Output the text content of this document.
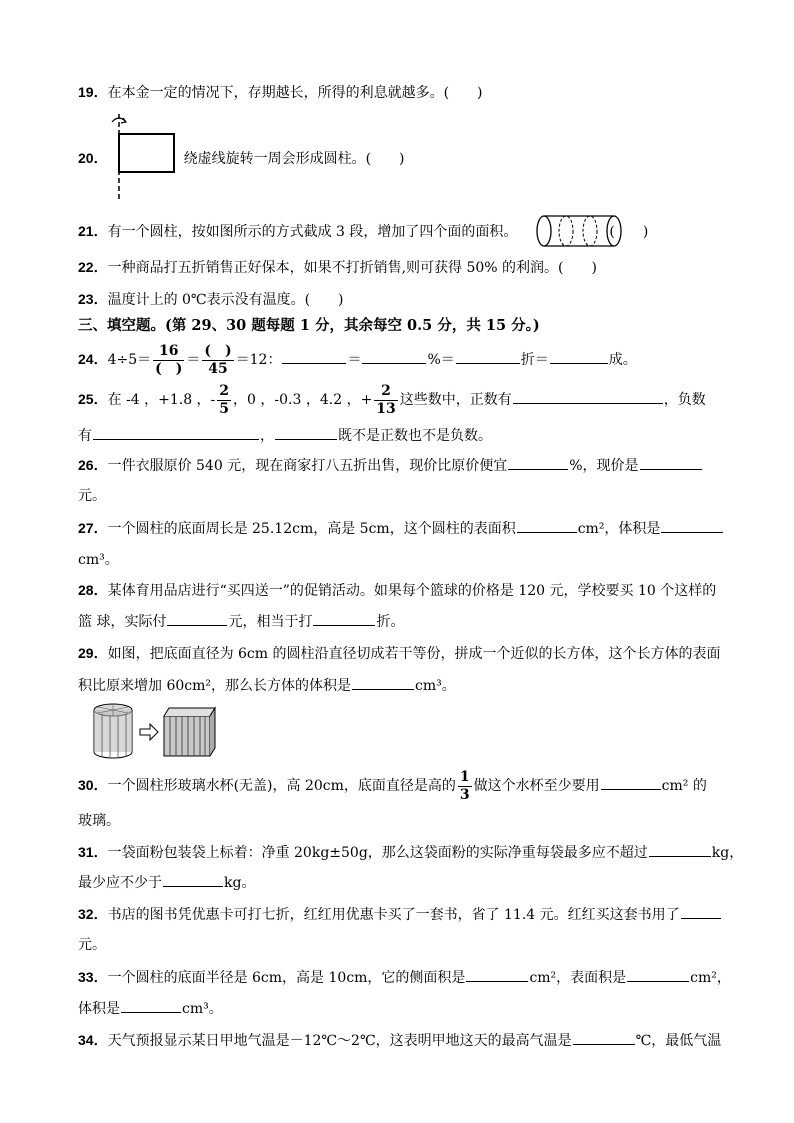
19．在本金一定的情况下，存期越长，所得的利息就越多。(　　)
20．	绕虚线旋转一周会形成圆柱。(　　)
21．有一个圆柱，按如图所示的方式截成 3 段，增加了四个面的面积。	(　　)
22．一种商品打五折销售正好保本，如果不打折销售,则可获得 50% 的利润。(　　)
23．温度计上的 0℃表示没有温度。(　　)
三、填空题。(第 29、30 题每题 1 分，其余每空 0.5 分，共 15 分。)
24．$4\div 5= \frac{16}{( )} = \frac{( )}{45} =12$：	＝	%＝	折＝	成。
25．在 -4 ，+1.8 ，- $\frac{2}{5}$ ，0 ，-0.3 ，4.2 ，+ $\frac{2}{13}$ 这些数中，正数有	，负数
有	，	既不是正数也不是负数。
26．一件衣服原价 540 元，现在商家打八五折出售，现价比原价便宜	%，现价是
元。
27．一个圆柱的底面周长是 25.12cm，高是 5cm，这个圆柱的表面积	cm²，体积是
cm³。
28．某体育用品店进行“买四送一”的促销活动。如果每个篮球的价格是 120 元，学校要买 10 个这样的
篮 球，实际付	元，相当于打	折。
29．如图，把底面直径为 6cm 的圆柱沿直径切成若干等份，拼成一个近似的长方体，这个长方体的表面
积比原来增加 60cm²，那么长方体的体积是	cm³。
30．一个圆柱形玻璃水杯(无盖)，高 20cm，底面直径是高的 $\frac{1}{3}$ 做这个水杯至少要用	cm² 的
玻璃。
31．一袋面粉包装袋上标着：净重 20kg±50g，那么这袋面粉的实际净重每袋最多应不超过	kg，
最少应不少于	kg。
32．书店的图书凭优惠卡可打七折，红红用优惠卡买了一套书，省了 11.4 元。红红买这套书用了
元。
33．一个圆柱的底面半径是 6cm，高是 10cm，它的侧面积是	cm²，表面积是	cm²，
体积是	cm³。
34．天气预报显示某日甲地气温是－12℃～2℃，这表明甲地这天的最高气温是	℃，最低气温
